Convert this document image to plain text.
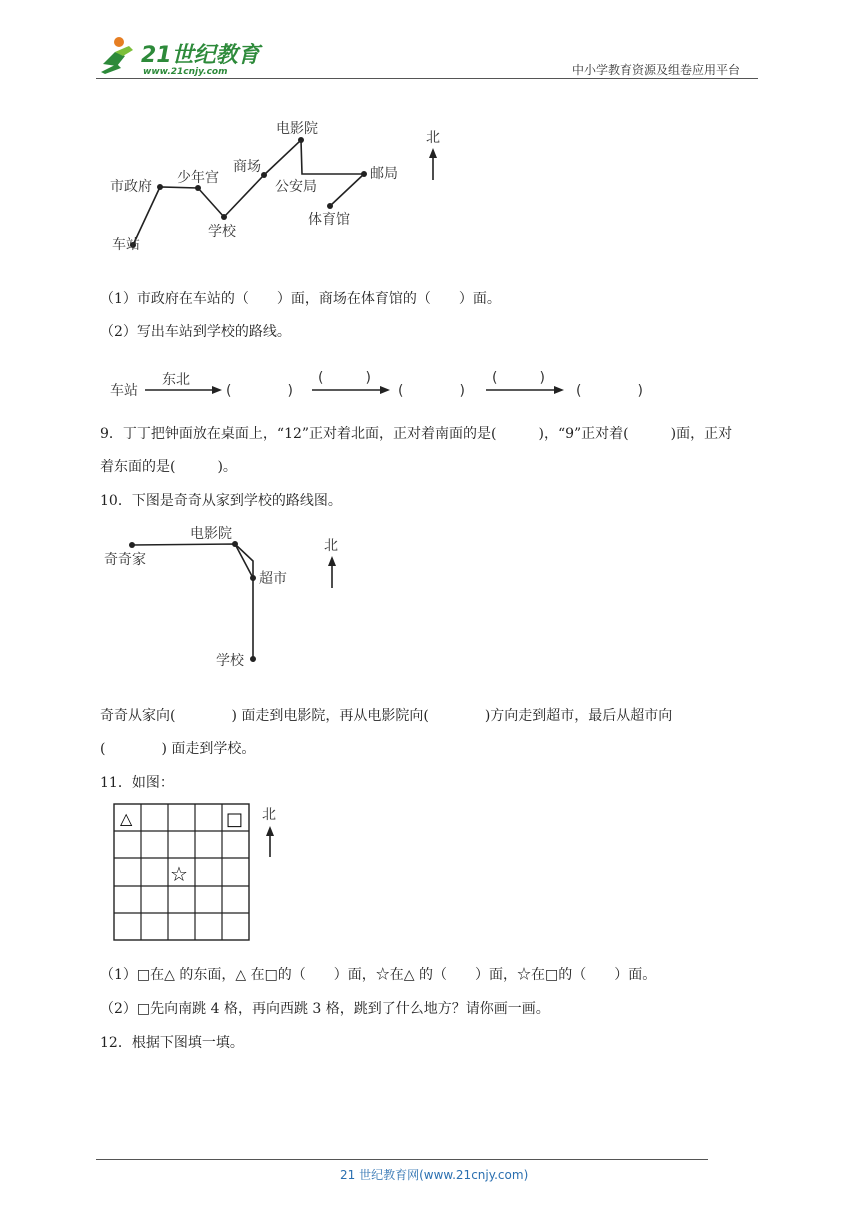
21世纪教育
www.21cnjy.com	中小学教育资源及组卷应用平台
电影院
北
商场	邮局
少年宫
市政府	公安局
体育馆
学校
车站
（1）市政府在车站的（　　）面，商场在体育馆的（　　）面。
（2）写出车站到学校的路线。
车站
东北
(　　　　)
(　　　)
(　　　　)
(　　　)
(　　　　)
9．丁丁把钟面放在桌面上，“12”正对着北面，正对着南面的是(　　　)，“9”正对着(　　　)面，正对
着东面的是(　　　)。
10．下图是奇奇从家到学校的路线图。
电影院
奇奇家
超市
学校
北
奇奇从家向(　　　　) 面走到电影院，再从电影院向(　　　　)方向走到超市，最后从超市向
(　　　　) 面走到学校。
11．如图：
△	□
☆
北
（1）□在△ 的东面，△ 在□的（　　）面，☆在△ 的（　　）面，☆在□的（　　）面。
（2）□先向南跳 4 格，再向西跳 3 格，跳到了什么地方？请你画一画。
12．根据下图填一填。
21 世纪教育网(www.21cnjy.com)
